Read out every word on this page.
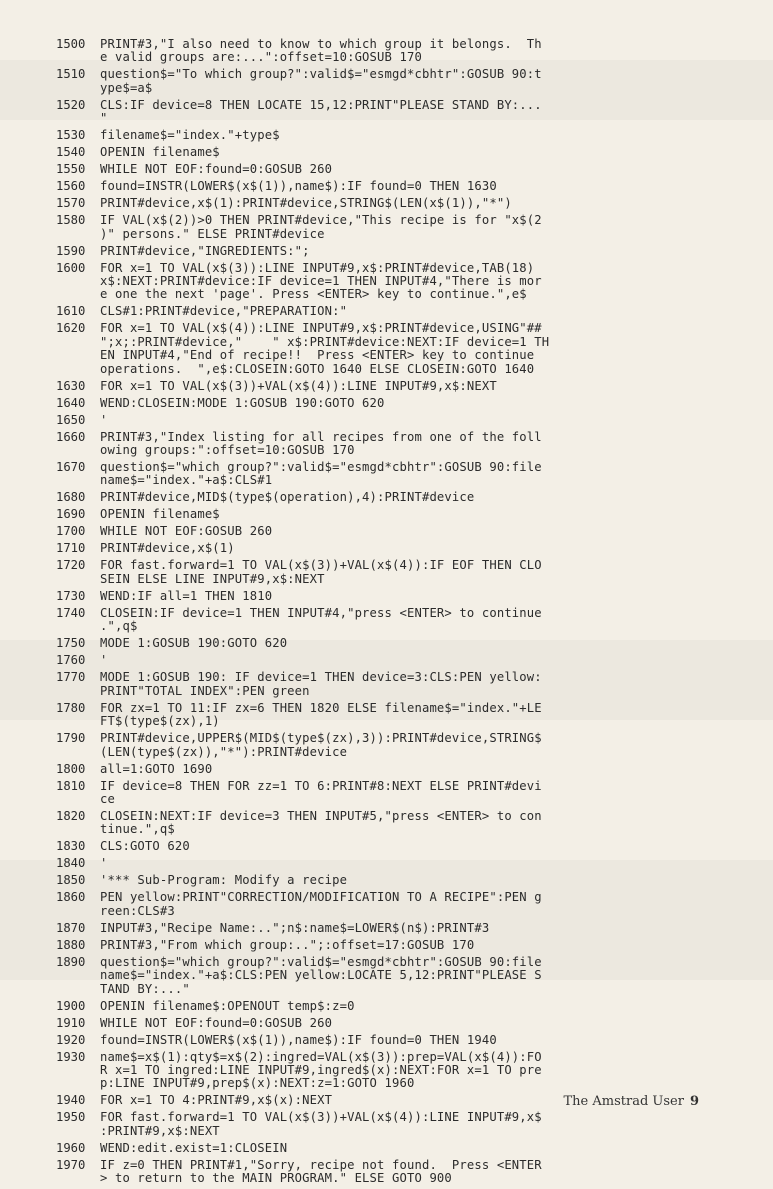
1500	PRINT#3,"I also need to know to which group it belongs.  Th
e valid groups are:...":offset=10:GOSUB 170
1510	question$="To which group?":valid$="esmgd*cbhtr":GOSUB 90:t
ype$=a$
1520	CLS:IF device=8 THEN LOCATE 15,12:PRINT"PLEASE STAND BY:...
"
1530	filename$="index."+type$
1540	OPENIN filename$
1550	WHILE NOT EOF:found=0:GOSUB 260
1560	found=INSTR(LOWER$(x$(1)),name$):IF found=0 THEN 1630
1570	PRINT#device,x$(1):PRINT#device,STRING$(LEN(x$(1)),"*")
1580	IF VAL(x$(2))>0 THEN PRINT#device,"This recipe is for "x$(2
)" persons." ELSE PRINT#device
1590	PRINT#device,"INGREDIENTS:";
1600	FOR x=1 TO VAL(x$(3)):LINE INPUT#9,x$:PRINT#device,TAB(18)
x$:NEXT:PRINT#device:IF device=1 THEN INPUT#4,"There is mor
e one the next 'page'. Press <ENTER> key to continue.",e$
1610	CLS#1:PRINT#device,"PREPARATION:"
1620	FOR x=1 TO VAL(x$(4)):LINE INPUT#9,x$:PRINT#device,USING"##
";x;:PRINT#device,"    " x$:PRINT#device:NEXT:IF device=1 TH
EN INPUT#4,"End of recipe!!  Press <ENTER> key to continue
operations.  ",e$:CLOSEIN:GOTO 1640 ELSE CLOSEIN:GOTO 1640
1630	FOR x=1 TO VAL(x$(3))+VAL(x$(4)):LINE INPUT#9,x$:NEXT
1640	WEND:CLOSEIN:MODE 1:GOSUB 190:GOTO 620
1650	'
1660	PRINT#3,"Index listing for all recipes from one of the foll
owing groups:":offset=10:GOSUB 170
1670	question$="which group?":valid$="esmgd*cbhtr":GOSUB 90:file
name$="index."+a$:CLS#1
1680	PRINT#device,MID$(type$(operation),4):PRINT#device
1690	OPENIN filename$
1700	WHILE NOT EOF:GOSUB 260
1710	PRINT#device,x$(1)
1720	FOR fast.forward=1 TO VAL(x$(3))+VAL(x$(4)):IF EOF THEN CLO
SEIN ELSE LINE INPUT#9,x$:NEXT
1730	WEND:IF all=1 THEN 1810
1740	CLOSEIN:IF device=1 THEN INPUT#4,"press <ENTER> to continue
.",q$
1750	MODE 1:GOSUB 190:GOTO 620
1760	'
1770	MODE 1:GOSUB 190: IF device=1 THEN device=3:CLS:PEN yellow:
PRINT"TOTAL INDEX":PEN green
1780	FOR zx=1 TO 11:IF zx=6 THEN 1820 ELSE filename$="index."+LE
FT$(type$(zx),1)
1790	PRINT#device,UPPER$(MID$(type$(zx),3)):PRINT#device,STRING$
(LEN(type$(zx)),"*"):PRINT#device
1800	all=1:GOTO 1690
1810	IF device=8 THEN FOR zz=1 TO 6:PRINT#8:NEXT ELSE PRINT#devi
ce
1820	CLOSEIN:NEXT:IF device=3 THEN INPUT#5,"press <ENTER> to con
tinue.",q$
1830	CLS:GOTO 620
1840	'
1850	'*** Sub-Program: Modify a recipe
1860	PEN yellow:PRINT"CORRECTION/MODIFICATION TO A RECIPE":PEN g
reen:CLS#3
1870	INPUT#3,"Recipe Name:..";n$:name$=LOWER$(n$):PRINT#3
1880	PRINT#3,"From which group:..";:offset=17:GOSUB 170
1890	question$="which group?":valid$="esmgd*cbhtr":GOSUB 90:file
name$="index."+a$:CLS:PEN yellow:LOCATE 5,12:PRINT"PLEASE S
TAND BY:..."
1900	OPENIN filename$:OPENOUT temp$:z=0
1910	WHILE NOT EOF:found=0:GOSUB 260
1920	found=INSTR(LOWER$(x$(1)),name$):IF found=0 THEN 1940
1930	name$=x$(1):qty$=x$(2):ingred=VAL(x$(3)):prep=VAL(x$(4)):FO
R x=1 TO ingred:LINE INPUT#9,ingred$(x):NEXT:FOR x=1 TO pre
p:LINE INPUT#9,prep$(x):NEXT:z=1:GOTO 1960
1940	FOR x=1 TO 4:PRINT#9,x$(x):NEXT
1950	FOR fast.forward=1 TO VAL(x$(3))+VAL(x$(4)):LINE INPUT#9,x$
:PRINT#9,x$:NEXT
1960	WEND:edit.exist=1:CLOSEIN
1970	IF z=0 THEN PRINT#1,"Sorry, recipe not found.  Press <ENTER
> to return to the MAIN PROGRAM." ELSE GOTO 900
The Amstrad User 9
